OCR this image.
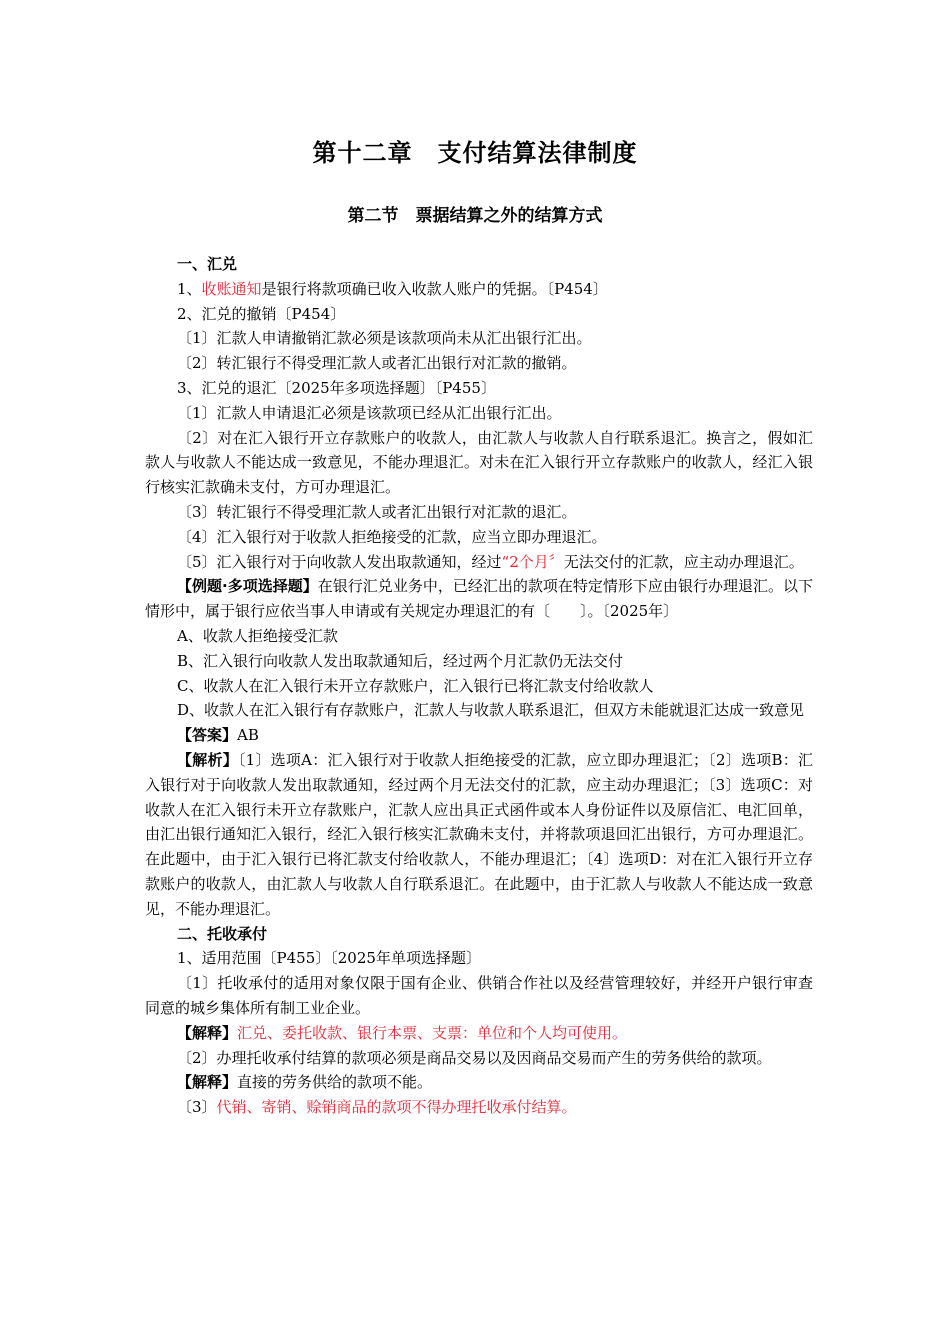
第十二章　支付结算法律制度
第二节　票据结算之外的结算方式

一、汇兑

1、收账通知是银行将款项确已收入收款人账户的凭据。〔P454〕

2、汇兑的撤销〔P454〕

〔1〕汇款人申请撤销汇款必须是该款项尚未从汇出银行汇出。

〔2〕转汇银行不得受理汇款人或者汇出银行对汇款的撤销。

3、汇兑的退汇〔2025年多项选择题〕〔P455〕

〔1〕汇款人申请退汇必须是该款项已经从汇出银行汇出。

〔2〕对在汇入银行开立存款账户的收款人，由汇款人与收款人自行联系退汇。换言之，假如汇款人与收款人不能达成一致意见，不能办理退汇。对未在汇入银行开立存款账户的收款人，经汇入银行核实汇款确未支付，方可办理退汇。

〔3〕转汇银行不得受理汇款人或者汇出银行对汇款的退汇。

〔4〕汇入银行对于收款人拒绝接受的汇款，应当立即办理退汇。

〔5〕汇入银行对于向收款人发出取款通知，经过“2个月〞无法交付的汇款，应主动办理退汇。

【例题·多项选择题】在银行汇兑业务中，已经汇出的款项在特定情形下应由银行办理退汇。以下情形中，属于银行应依当事人申请或有关规定办理退汇的有〔　　〕。〔2025年〕

A、收款人拒绝接受汇款

B、汇入银行向收款人发出取款通知后，经过两个月汇款仍无法交付

C、收款人在汇入银行未开立存款账户，汇入银行已将汇款支付给收款人

D、收款人在汇入银行有存款账户，汇款人与收款人联系退汇，但双方未能就退汇达成一致意见

【答案】AB

【解析】〔1〕选项A：汇入银行对于收款人拒绝接受的汇款，应立即办理退汇；〔2〕选项B：汇入银行对于向收款人发出取款通知，经过两个月无法交付的汇款，应主动办理退汇；〔3〕选项C：对收款人在汇入银行未开立存款账户，汇款人应出具正式函件或本人身份证件以及原信汇、电汇回单，由汇出银行通知汇入银行，经汇入银行核实汇款确未支付，并将款项退回汇出银行，方可办理退汇。在此题中，由于汇入银行已将汇款支付给收款人，不能办理退汇；〔4〕选项D：对在汇入银行开立存款账户的收款人，由汇款人与收款人自行联系退汇。在此题中，由于汇款人与收款人不能达成一致意见，不能办理退汇。

二、托收承付

1、适用范围〔P455〕〔2025年单项选择题〕

〔1〕托收承付的适用对象仅限于国有企业、供销合作社以及经营管理较好，并经开户银行审查同意的城乡集体所有制工业企业。

【解释】汇兑、委托收款、银行本票、支票：单位和个人均可使用。

〔2〕办理托收承付结算的款项必须是商品交易以及因商品交易而产生的劳务供给的款项。

【解释】直接的劳务供给的款项不能。

〔3〕代销、寄销、赊销商品的款项不得办理托收承付结算。
